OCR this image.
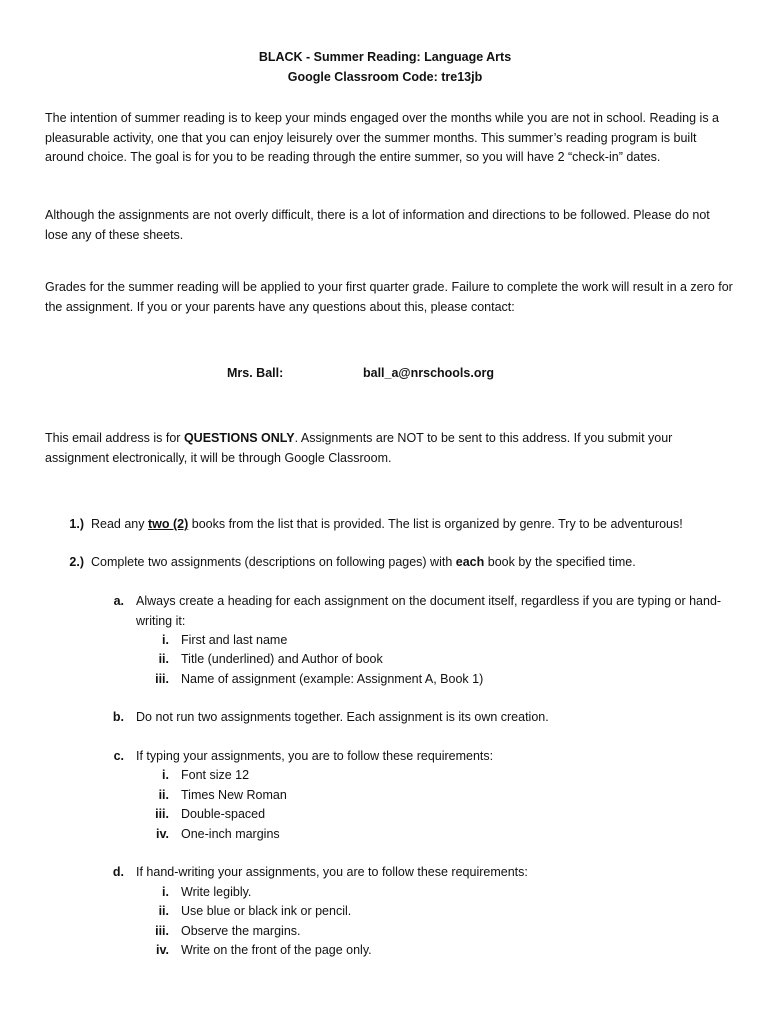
BLACK - Summer Reading: Language Arts
Google Classroom Code: tre13jb
The intention of summer reading is to keep your minds engaged over the months while you are not in school. Reading is a pleasurable activity, one that you can enjoy leisurely over the summer months. This summer’s reading program is built around choice. The goal is for you to be reading through the entire summer, so you will have 2 “check-in” dates.
Although the assignments are not overly difficult, there is a lot of information and directions to be followed. Please do not lose any of these sheets.
Grades for the summer reading will be applied to your first quarter grade. Failure to complete the work will result in a zero for the assignment. If you or your parents have any questions about this, please contact:
Mrs. Ball:	ball_a@nrschools.org
This email address is for QUESTIONS ONLY. Assignments are NOT to be sent to this address. If you submit your assignment electronically, it will be through Google Classroom.
1.) Read any two (2) books from the list that is provided. The list is organized by genre. Try to be adventurous!
2.) Complete two assignments (descriptions on following pages) with each book by the specified time.
a. Always create a heading for each assignment on the document itself, regardless if you are typing or hand-writing it:
i. First and last name
ii. Title (underlined) and Author of book
iii. Name of assignment (example: Assignment A, Book 1)
b. Do not run two assignments together. Each assignment is its own creation.
c. If typing your assignments, you are to follow these requirements:
i. Font size 12
ii. Times New Roman
iii. Double-spaced
iv. One-inch margins
d. If hand-writing your assignments, you are to follow these requirements:
i. Write legibly.
ii. Use blue or black ink or pencil.
iii. Observe the margins.
iv. Write on the front of the page only.
